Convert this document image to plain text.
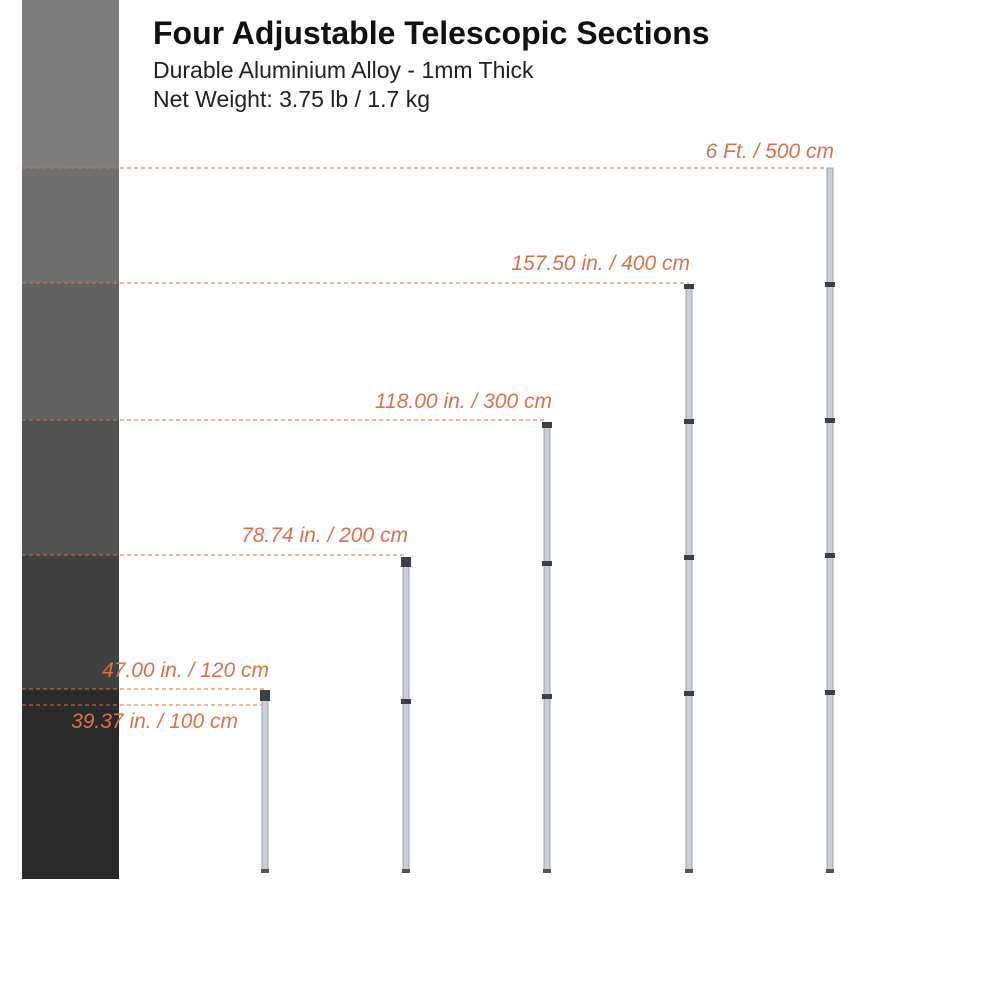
Four Adjustable Telescopic Sections

Durable Aluminium Alloy - 1mm Thick

Net Weight: 3.75 lb / 1.7 kg

6 Ft. / 500 cm
157.50 in. / 400 cm
118.00 in. / 300 cm
78.74 in. / 200 cm
47.00 in. / 120 cm
39.37 in. / 100 cm
